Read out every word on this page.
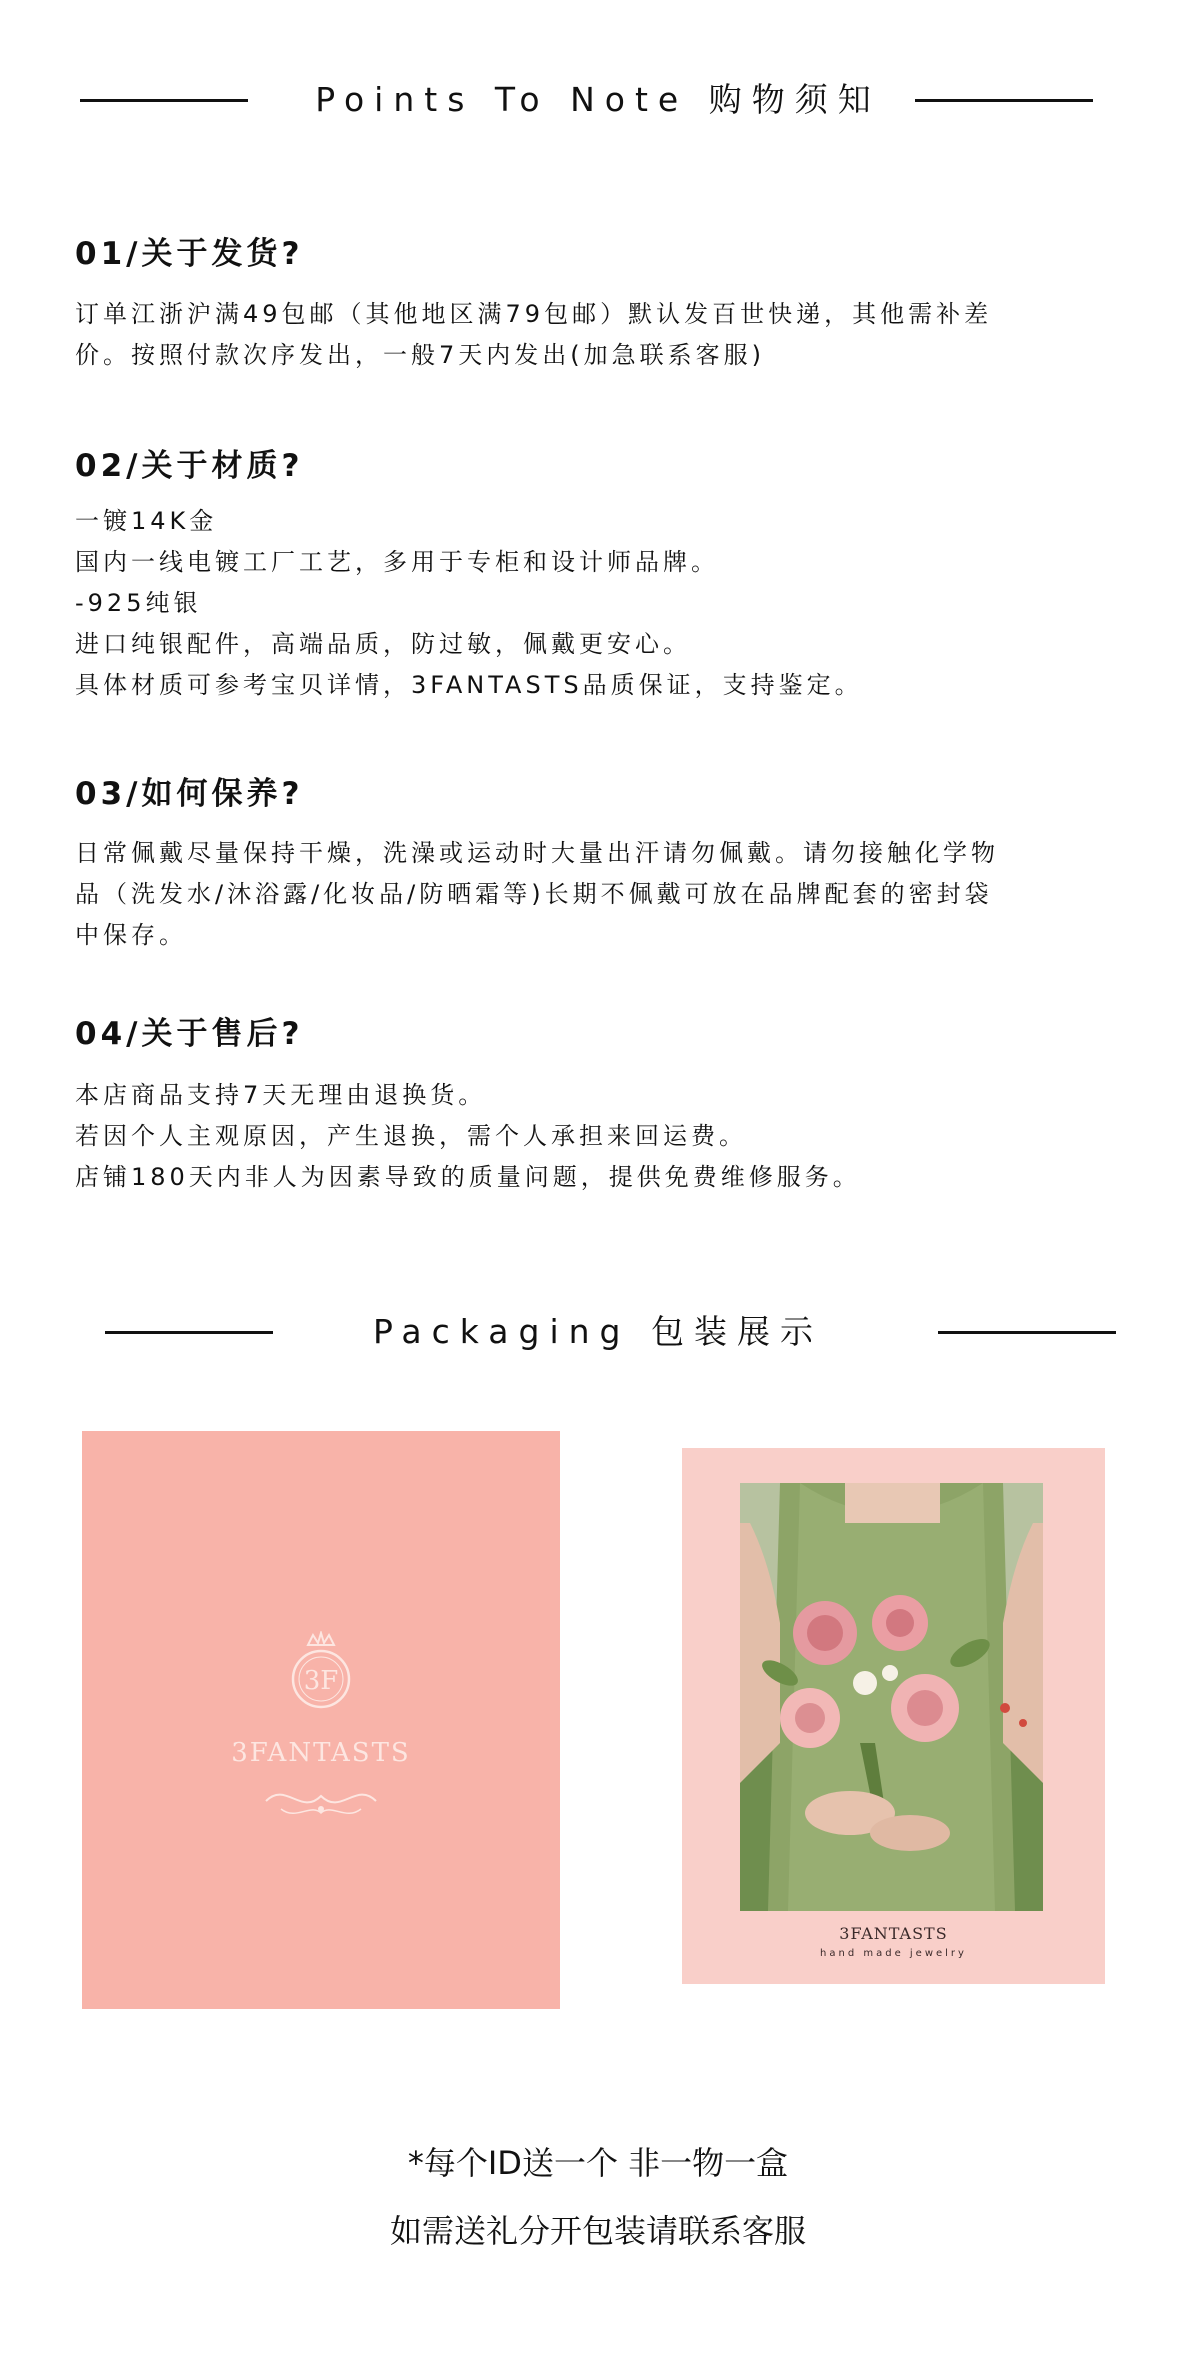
Points To Note 购物须知
01/关于发货?

订单江浙沪满49包邮（其他地区满79包邮）默认发百世快递，其他需补差
价。按照付款次序发出，一般7天内发出(加急联系客服)

02/关于材质?

一镀14K金
国内一线电镀工厂工艺，多用于专柜和设计师品牌。
-925纯银
进口纯银配件，高端品质，防过敏，佩戴更安心。
具体材质可参考宝贝详情，3FANTASTS品质保证，支持鉴定。

03/如何保养?

日常佩戴尽量保持干燥，洗澡或运动时大量出汗请勿佩戴。请勿接触化学物
品（洗发水/沐浴露/化妆品/防晒霜等)长期不佩戴可放在品牌配套的密封袋
中保存。

04/关于售后?

本店商品支持7天无理由退换货。
若因个人主观原因，产生退换，需个人承担来回运费。
店铺180天内非人为因素导致的质量问题，提供免费维修服务。

Packaging 包装展示
3F
3FANTASTS
3FANTASTS
hand made jewelry
*每个ID送一个 非一物一盒
如需送礼分开包装请联系客服
